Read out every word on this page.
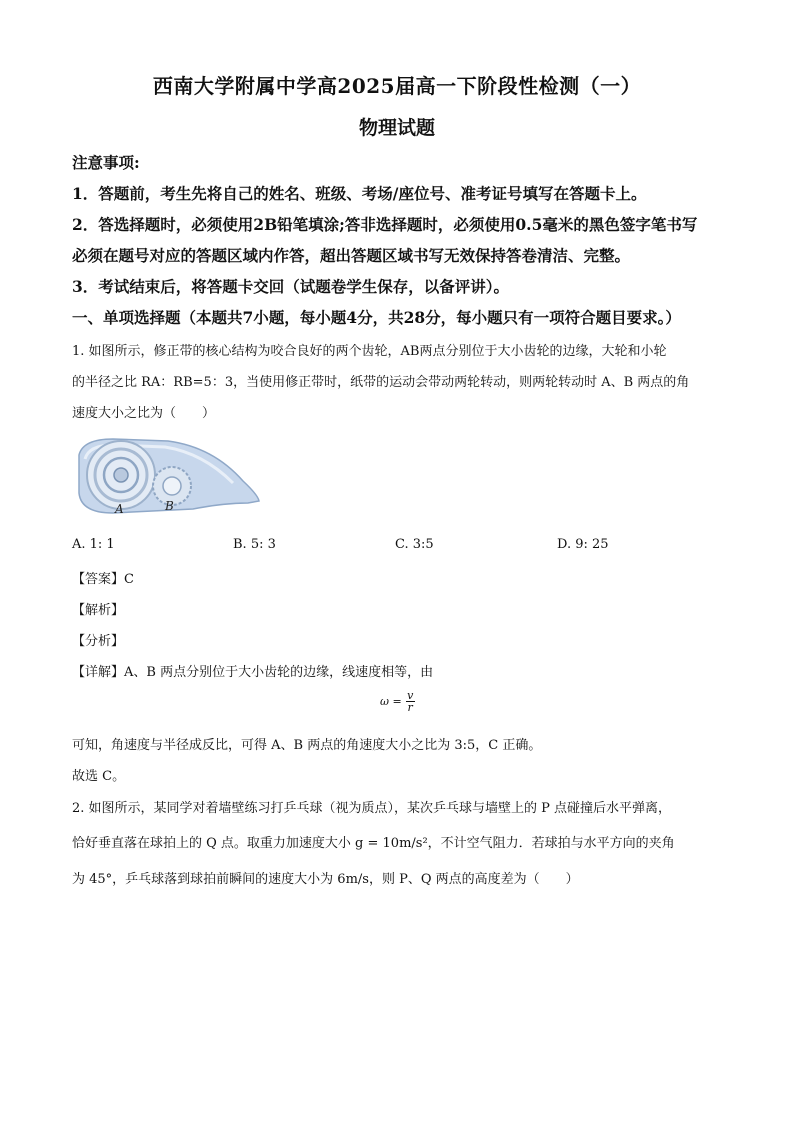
西南大学附属中学高2025届高一下阶段性检测（一）
物理试题
注意事项:
1．答题前，考生先将自己的姓名、班级、考场/座位号、准考证号填写在答题卡上。
2．答选择题时，必须使用2B铅笔填涂;答非选择题时，必须使用0.5毫米的黑色签字笔书写
必须在题号对应的答题区域内作答，超出答题区域书写无效保持答卷清洁、完整。
3．考试结束后，将答题卡交回（试题卷学生保存，以备评讲）。
一、单项选择题（本题共7小题，每小题4分，共28分，每小题只有一项符合题目要求。）
1. 如图所示，修正带的核心结构为咬合良好的两个齿轮，AB两点分别位于大小齿轮的边缘，大轮和小轮
的半径之比 RA：RB=5：3，当使用修正带时，纸带的运动会带动两轮转动，则两轮转动时 A、B 两点的角
速度大小之比为（　　）
A	B
A. 1: 1	B. 5: 3	C. 3:5	D. 9: 25
【答案】C
【解析】
【分析】
【详解】A、B 两点分别位于大小齿轮的边缘，线速度相等，由
$\omega = \frac{v}{r}$
可知，角速度与半径成反比，可得 A、B 两点的角速度大小之比为 3:5，C 正确。
故选 C。
2. 如图所示，某同学对着墙壁练习打乒乓球（视为质点），某次乒乓球与墙壁上的 P 点碰撞后水平弹离，
恰好垂直落在球拍上的 Q 点。取重力加速度大小 g = 10m/s²，不计空气阻力．若球拍与水平方向的夹角
为 45°，乒乓球落到球拍前瞬间的速度大小为 6m/s，则 P、Q 两点的高度差为（　　）
